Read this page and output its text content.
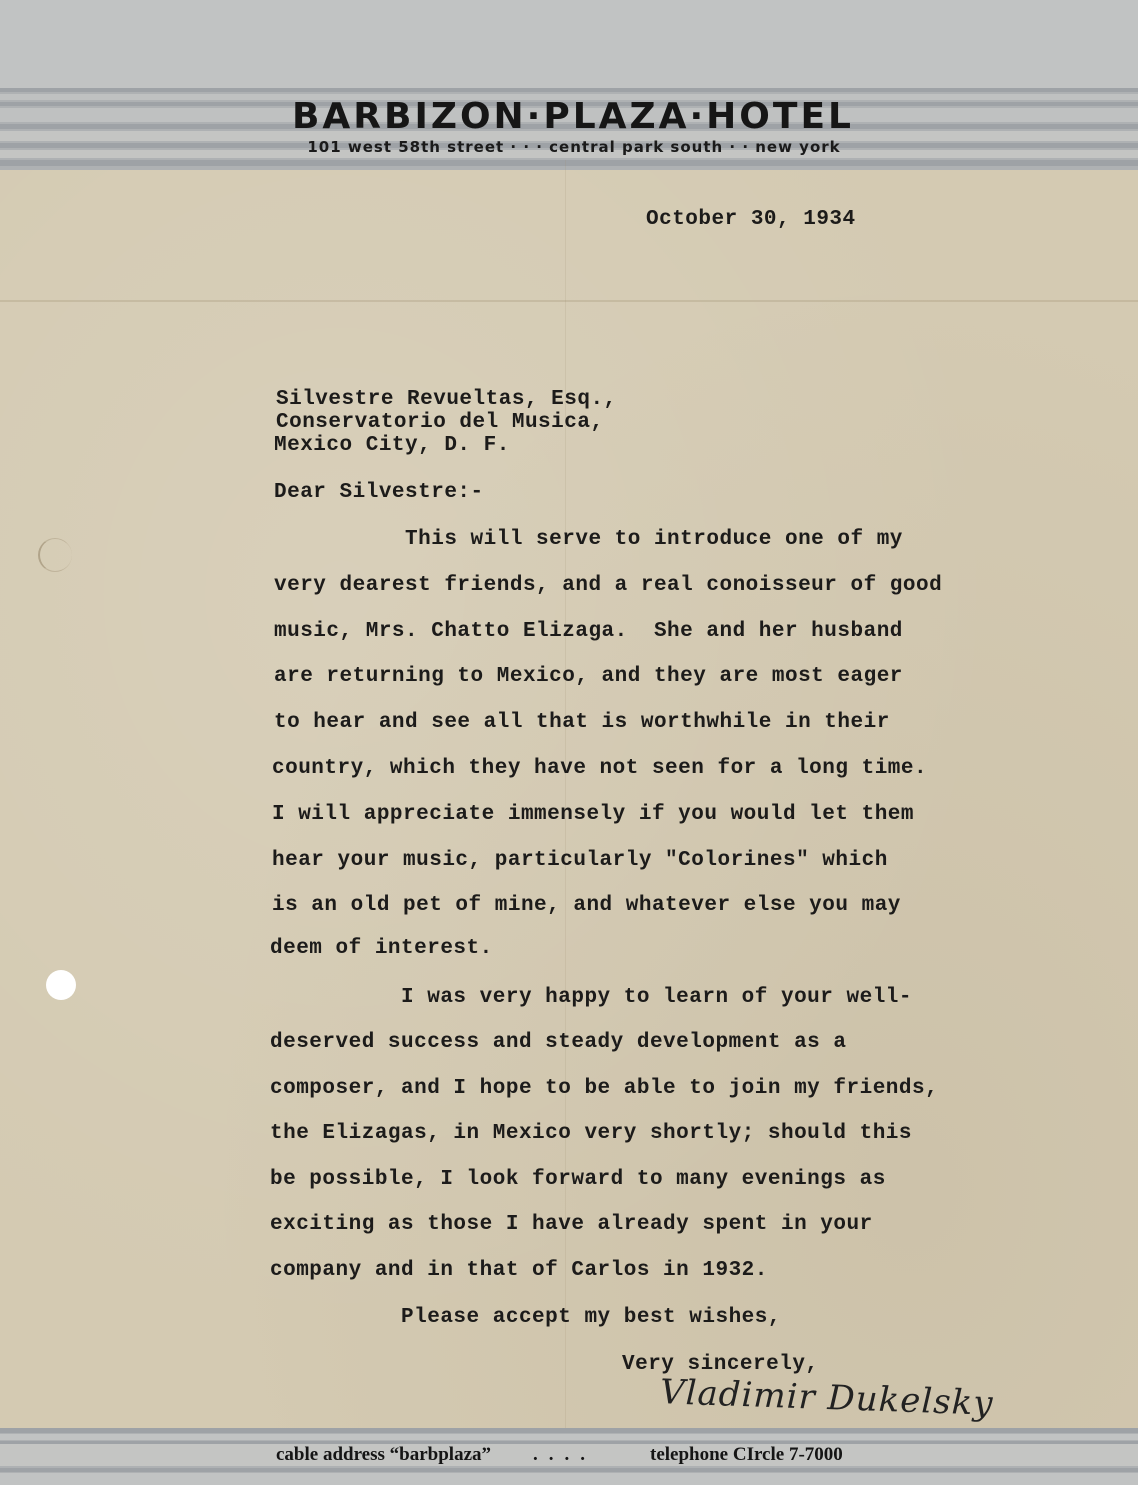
BARBIZON·PLAZA·HOTEL
101 west 58th street · · · central park south · · new york
October 30, 1934
Silvestre Revueltas, Esq.,
Conservatorio del Musica,
Mexico City, D. F.
Dear Silvestre:-
This will serve to introduce one of my
very dearest friends, and a real conoisseur of good
music, Mrs. Chatto Elizaga.  She and her husband
are returning to Mexico, and they are most eager
to hear and see all that is worthwhile in their
country, which they have not seen for a long time.
I will appreciate immensely if you would let them
hear your music, particularly "Colorines" which
is an old pet of mine, and whatever else you may
deem of interest.
I was very happy to learn of your well-
deserved success and steady development as a
composer, and I hope to be able to join my friends,
the Elizagas, in Mexico very shortly; should this
be possible, I look forward to many evenings as
exciting as those I have already spent in your
company and in that of Carlos in 1932.
Please accept my best wishes,
Very sincerely,
Vladimir Dukelsky
cable address “barbplaza” ....	telephone CIrcle 7-7000
